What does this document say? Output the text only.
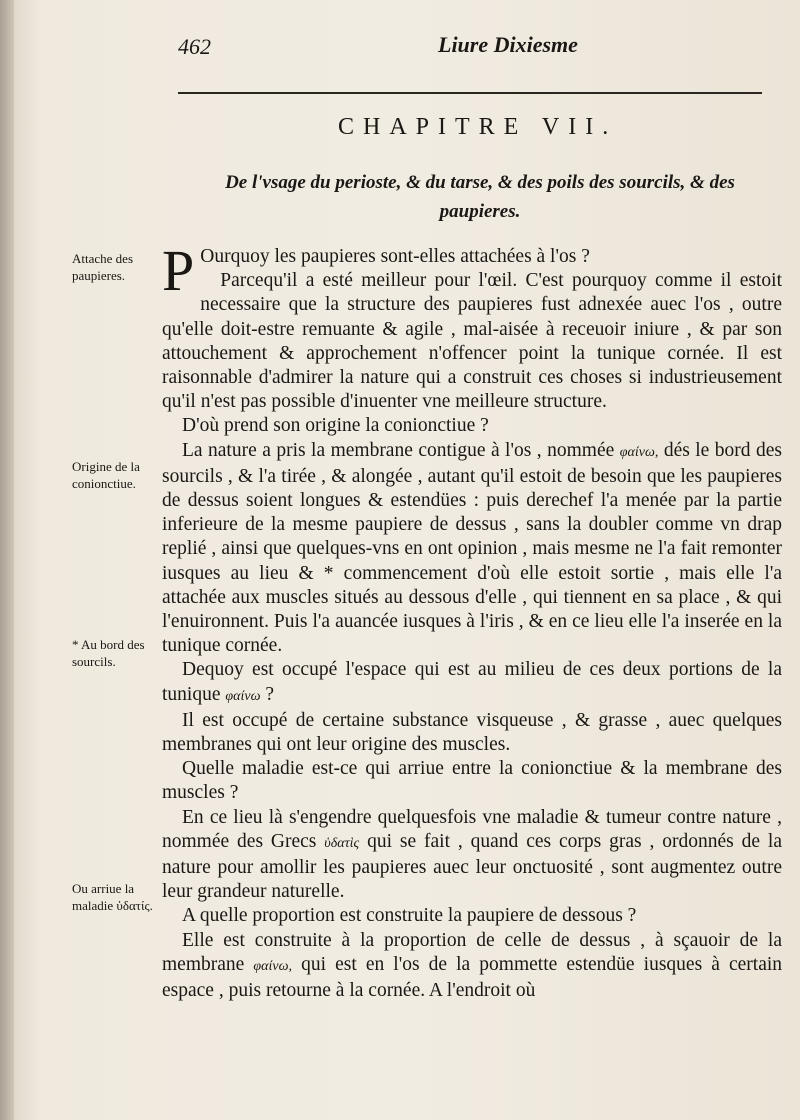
462	Liure Dixiesme
CHAPITRE VII.
De l'vsage du perioste, & du tarse, & des poils des sourcils, & des paupieres.
Attache des paupieres.
Origine de la conionctiue.
* Au bord des sourcils.
Ou arriue la maladie ὑδατίς.

P Ourquoy les paupieres sont-elles attachées à l'os ?

Parcequ'il a esté meilleur pour l'œil. C'est pourquoy comme il estoit necessaire que la structure des paupieres fust adnexée auec l'os , outre qu'elle doit-estre remuante & agile , mal-aisée à receuoir iniure , & par son attouchement & approchement n'offencer point la tunique cornée. Il est raisonnable d'admirer la nature qui a construit ces choses si industrieusement qu'il n'est pas possible d'inuenter vne meilleure structure.

D'où prend son origine la conionctiue ?

La nature a pris la membrane contigue à l'os , nommée φαίνω, dés le bord des sourcils , & l'a tirée , & alongée , autant qu'il estoit de besoin que les paupieres de dessus soient longues & estendües : puis derechef l'a menée par la partie inferieure de la mesme paupiere de dessus , sans la doubler comme vn drap replié , ainsi que quelques-vns en ont opinion , mais mesme ne l'a fait remonter iusques au lieu & * commencement d'où elle estoit sortie , mais elle l'a attachée aux muscles situés au dessous d'elle , qui tiennent en sa place , & qui l'enuironnent. Puis l'a auancée iusques à l'iris , & en ce lieu elle l'a inserée en la tunique cornée.

Dequoy est occupé l'espace qui est au milieu de ces deux portions de la tunique φαίνω ?

Il est occupé de certaine substance visqueuse , & grasse , auec quelques membranes qui ont leur origine des muscles.

Quelle maladie est-ce qui arriue entre la conionctiue & la membrane des muscles ?

En ce lieu là s'engendre quelquesfois vne maladie & tumeur contre nature , nommée des Grecs ὑδατὶς qui se fait , quand ces corps gras , ordonnés de la nature pour amollir les paupieres auec leur onctuosité , sont augmentez outre leur grandeur naturelle.

A quelle proportion est construite la paupiere de dessous ?

Elle est construite à la proportion de celle de dessus , à sçauoir de la membrane φαίνω, qui est en l'os de la pommette estendüe iusques à certain espace , puis retourne à la cornée. A l'endroit où
